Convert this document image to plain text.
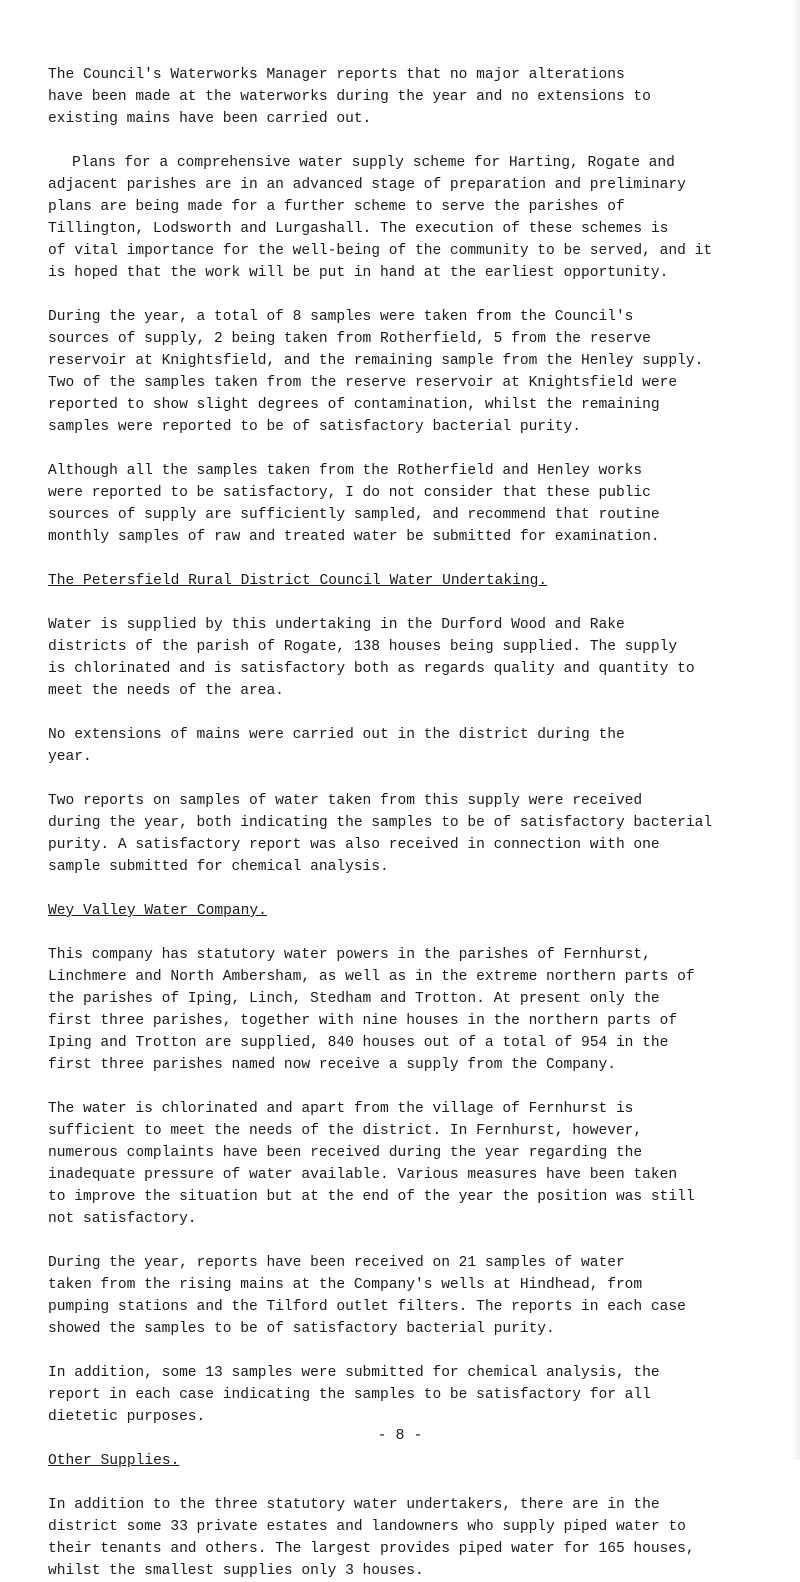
The Council's Waterworks Manager reports that no major alterations
have been made at the waterworks during the year and no extensions to
existing mains have been carried out.

Plans for a comprehensive water supply scheme for Harting, Rogate and
adjacent parishes are in an advanced stage of preparation and preliminary
plans are being made for a further scheme to serve the parishes of
Tillington, Lodsworth and Lurgashall. The execution of these schemes is
of vital importance for the well-being of the community to be served, and it
is hoped that the work will be put in hand at the earliest opportunity.

During the year, a total of 8 samples were taken from the Council's
sources of supply, 2 being taken from Rotherfield, 5 from the reserve
reservoir at Knightsfield, and the remaining sample from the Henley supply.
Two of the samples taken from the reserve reservoir at Knightsfield were
reported to show slight degrees of contamination, whilst the remaining
samples were reported to be of satisfactory bacterial purity.

Although all the samples taken from the Rotherfield and Henley works
were reported to be satisfactory, I do not consider that these public
sources of supply are sufficiently sampled, and recommend that routine
monthly samples of raw and treated water be submitted for examination.

The Petersfield Rural District Council Water Undertaking.

Water is supplied by this undertaking in the Durford Wood and Rake
districts of the parish of Rogate, 138 houses being supplied. The supply
is chlorinated and is satisfactory both as regards quality and quantity to
meet the needs of the area.

No extensions of mains were carried out in the district during the
year.

Two reports on samples of water taken from this supply were received
during the year, both indicating the samples to be of satisfactory bacterial
purity. A satisfactory report was also received in connection with one
sample submitted for chemical analysis.

Wey Valley Water Company.

This company has statutory water powers in the parishes of Fernhurst,
Linchmere and North Ambersham, as well as in the extreme northern parts of
the parishes of Iping, Linch, Stedham and Trotton. At present only the
first three parishes, together with nine houses in the northern parts of
Iping and Trotton are supplied, 840 houses out of a total of 954 in the
first three parishes named now receive a supply from the Company.

The water is chlorinated and apart from the village of Fernhurst is
sufficient to meet the needs of the district. In Fernhurst, however,
numerous complaints have been received during the year regarding the
inadequate pressure of water available. Various measures have been taken
to improve the situation but at the end of the year the position was still
not satisfactory.

During the year, reports have been received on 21 samples of water
taken from the rising mains at the Company's wells at Hindhead, from
pumping stations and the Tilford outlet filters. The reports in each case
showed the samples to be of satisfactory bacterial purity.

In addition, some 13 samples were submitted for chemical analysis, the
report in each case indicating the samples to be satisfactory for all
dietetic purposes.

Other Supplies.

In addition to the three statutory water undertakers, there are in the
district some 33 private estates and landowners who supply piped water to
their tenants and others. The largest provides piped water for 165 houses,
whilst the smallest supplies only 3 houses.

- 8 -
